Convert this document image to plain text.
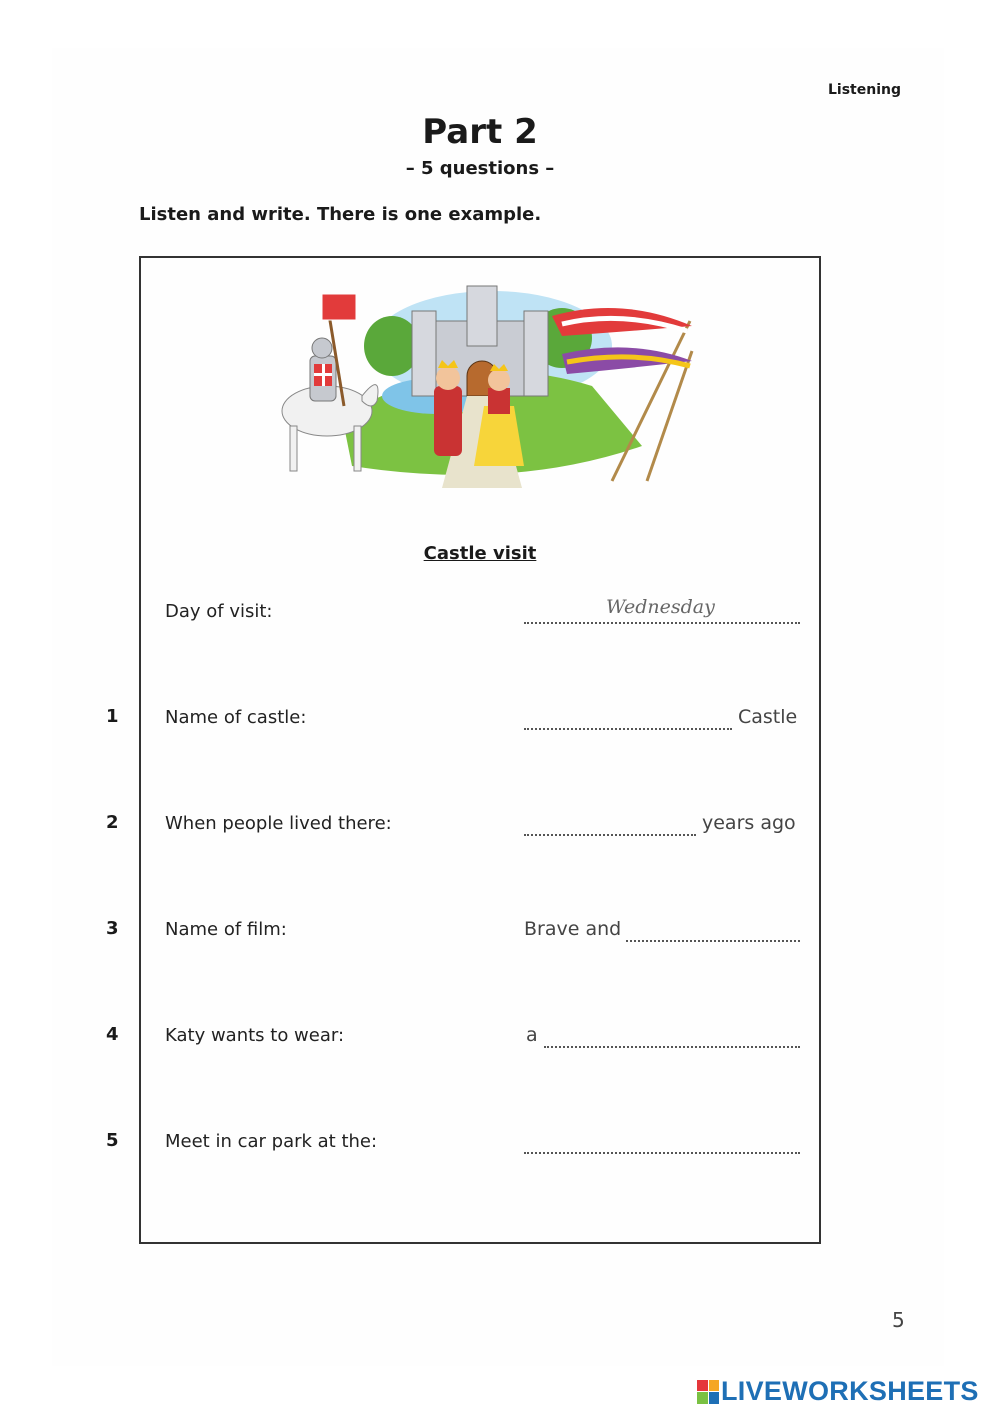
Listening
Part 2
– 5 questions –
Listen and write. There is one example.
Castle visit
Day of visit:	Wednesday
1	Name of castle:	Castle
2	When people lived there:	years ago
3	Name of film:	Brave and
4	Katy wants to wear:	a
5	Meet in car park at the:
5
LIVEWORKSHEETS
